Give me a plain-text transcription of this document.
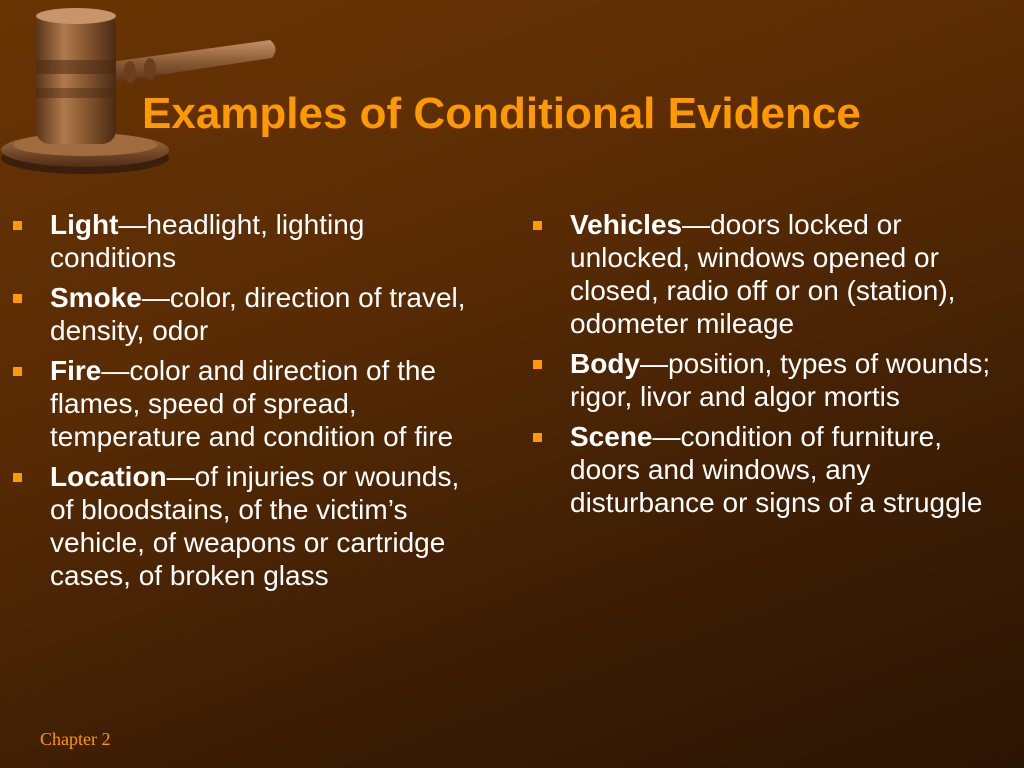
Examples of Conditional Evidence
Light—headlight, lighting conditions
Smoke—color, direction of travel, density, odor
Fire—color and direction of the flames, speed of spread, temperature and condition of fire
Location—of injuries or wounds, of bloodstains, of the victim’s vehicle, of weapons or cartridge cases, of broken glass
Vehicles—doors locked or unlocked, windows opened or closed, radio off or on (station), odometer mileage
Body—position, types of wounds; rigor, livor and algor mortis
Scene—condition of furniture, doors and windows, any disturbance or signs of a struggle
Chapter 2
